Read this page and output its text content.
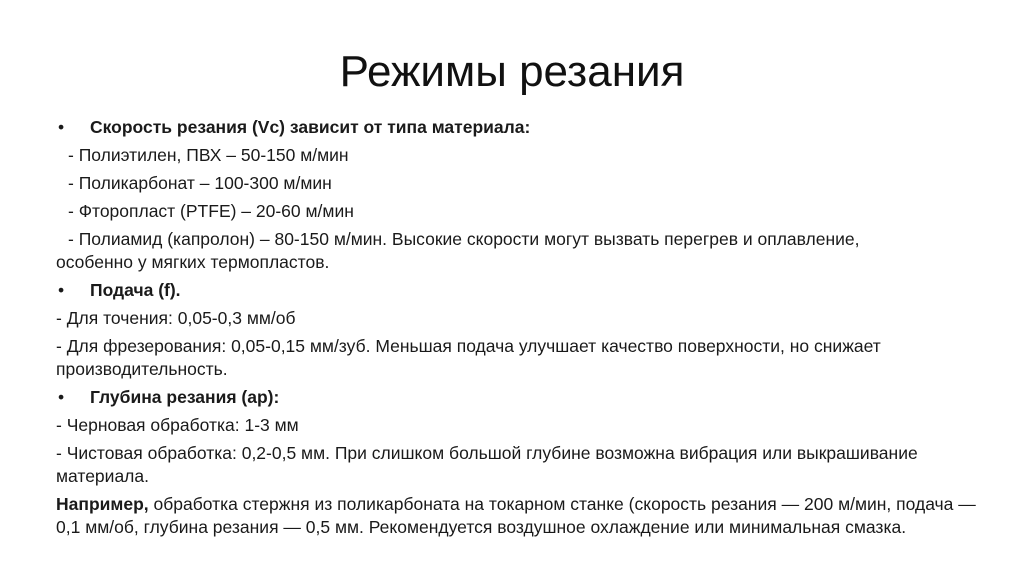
Режимы резания
•	Скорость резания (Vc) зависит от типа материала:
- Полиэтилен, ПВХ – 50-150 м/мин
- Поликарбонат – 100-300 м/мин
- Фторопласт (PTFE) – 20-60 м/мин
- Полиамид (капролон) – 80-150 м/мин. Высокие скорости могут вызвать перегрев и оплавление,
особенно у мягких термопластов.
•	Подача (f).
- Для точения: 0,05-0,3 мм/об
- Для фрезерования: 0,05-0,15 мм/зуб. Меньшая подача улучшает качество поверхности, но снижает производительность.
•	Глубина резания (ap):
- Черновая обработка: 1-3 мм
- Чистовая обработка: 0,2-0,5 мм. При слишком большой глубине возможна вибрация или выкрашивание материала.
Например, обработка стержня из поликарбоната на токарном станке (скорость резания — 200 м/мин, подача — 0,1 мм/об, глубина резания — 0,5 мм. Рекомендуется воздушное охлаждение или минимальная смазка.
